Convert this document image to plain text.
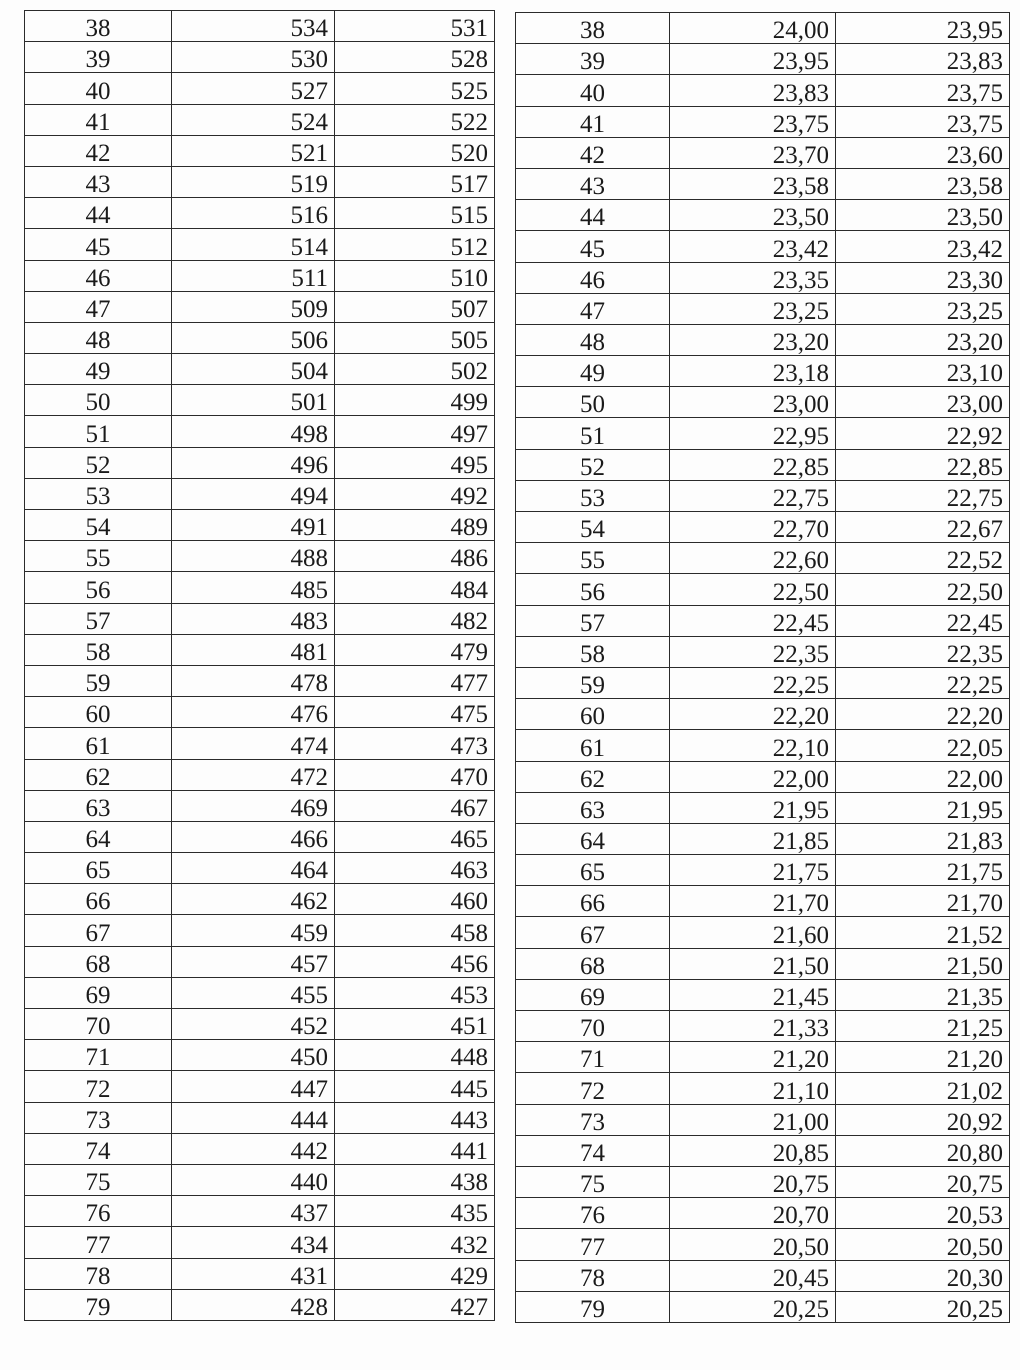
38	534	531
39	530	528
40	527	525
41	524	522
42	521	520
43	519	517
44	516	515
45	514	512
46	511	510
47	509	507
48	506	505
49	504	502
50	501	499
51	498	497
52	496	495
53	494	492
54	491	489
55	488	486
56	485	484
57	483	482
58	481	479
59	478	477
60	476	475
61	474	473
62	472	470
63	469	467
64	466	465
65	464	463
66	462	460
67	459	458
68	457	456
69	455	453
70	452	451
71	450	448
72	447	445
73	444	443
74	442	441
75	440	438
76	437	435
77	434	432
78	431	429
79	428	427
38	24,00	23,95
39	23,95	23,83
40	23,83	23,75
41	23,75	23,75
42	23,70	23,60
43	23,58	23,58
44	23,50	23,50
45	23,42	23,42
46	23,35	23,30
47	23,25	23,25
48	23,20	23,20
49	23,18	23,10
50	23,00	23,00
51	22,95	22,92
52	22,85	22,85
53	22,75	22,75
54	22,70	22,67
55	22,60	22,52
56	22,50	22,50
57	22,45	22,45
58	22,35	22,35
59	22,25	22,25
60	22,20	22,20
61	22,10	22,05
62	22,00	22,00
63	21,95	21,95
64	21,85	21,83
65	21,75	21,75
66	21,70	21,70
67	21,60	21,52
68	21,50	21,50
69	21,45	21,35
70	21,33	21,25
71	21,20	21,20
72	21,10	21,02
73	21,00	20,92
74	20,85	20,80
75	20,75	20,75
76	20,70	20,53
77	20,50	20,50
78	20,45	20,30
79	20,25	20,25
